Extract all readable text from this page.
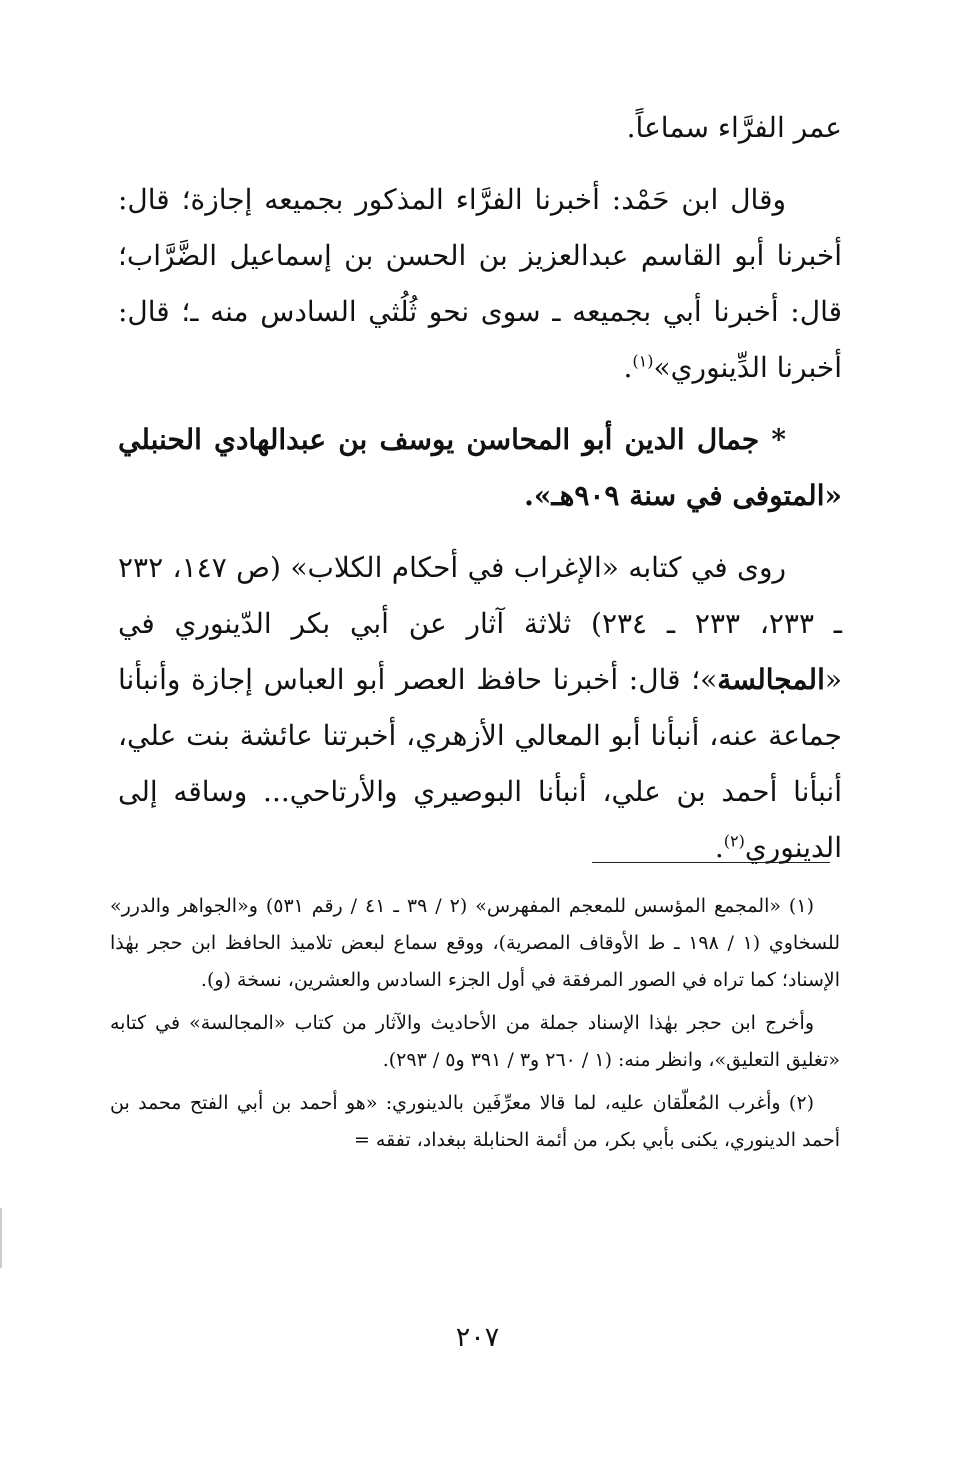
عمر الفرَّاء سماعاً.

وقال ابن حَمْد: أخبرنا الفرَّاء المذكور بجميعه إجازة؛ قال: أخبرنا أبو القاسم عبدالعزيز بن الحسن بن إسماعيل الضَّرَّاب؛ قال: أخبرنا أبي بجميعه ـ سوى نحو ثُلُثي السادس منه ـ؛ قال: أخبرنا الدِّينوري»$^{(١)}$.

* جمال الدين أبو المحاسن يوسف بن عبدالهادي الحنبلي «المتوفى في سنة ٩٠٩هـ».

روى في كتابه «الإغراب في أحكام الكلاب» (ص ١٤٧، ٢٣٢ ـ ٢٣٣، ٢٣٣ ـ ٢٣٤) ثلاثة آثار عن أبي بكر الدّينوري في «المجالسة»؛ قال: أخبرنا حافظ العصر أبو العباس إجازة وأنبأنا جماعة عنه، أنبأنا أبو المعالي الأزهري، أخبرتنا عائشة بنت علي، أنبأنا أحمد بن علي، أنبأنا البوصيري والأرتاحي... وساقه إلى الدينوري$^{(٢)}$.

(١) «المجمع المؤسس للمعجم المفهرس» (٢ / ٣٩ ـ ٤١ / رقم ٥٣١) و«الجواهر والدرر» للسخاوي (١ / ١٩٨ ـ ط الأوقاف المصرية)، ووقع سماع لبعض تلاميذ الحافظ ابن حجر بهٰذا الإسناد؛ كما تراه في الصور المرفقة في أول الجزء السادس والعشرين، نسخة (و).

وأخرج ابن حجر بهٰذا الإسناد جملة من الأحاديث والآثار من كتاب «المجالسة» في كتابه «تغليق التعليق»، وانظر منه: (١ / ٢٦٠ و٣ / ٣٩١ و٥ / ٢٩٣).

(٢) وأغرب المُعلّقان عليه، لما قالا معرِّفَين بالدينوري: «هو أحمد بن أبي الفتح محمد بن أحمد الدينوري، يكنى بأبي بكر، من أئمة الحنابلة ببغداد، تفقه =

٢٠٧
